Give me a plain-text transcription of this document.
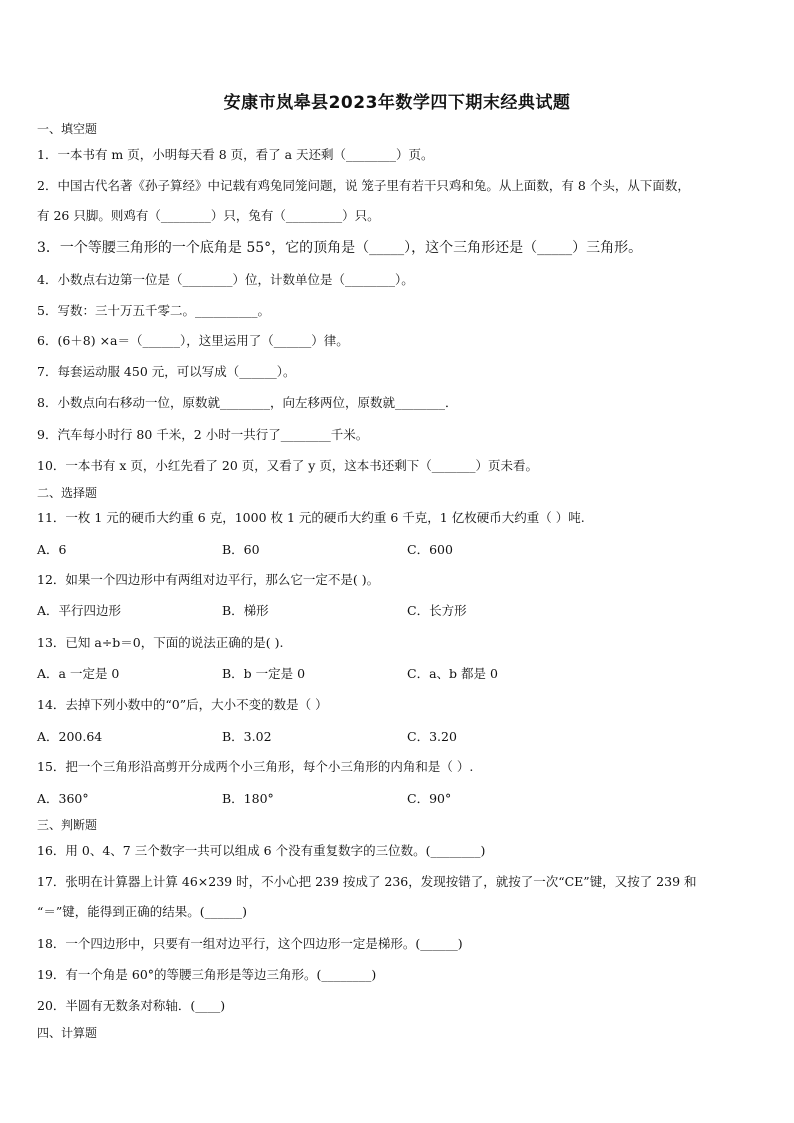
安康市岚皋县2023年数学四下期末经典试题
一、填空题
1．一本书有 m 页，小明每天看 8 页，看了 a 天还剩（________）页。
2．中国古代名著《孙子算经》中记载有鸡兔同笼问题，说 笼子里有若干只鸡和兔。从上面数，有 8 个头，从下面数，
有 26 只脚。则鸡有（________）只，兔有（_________）只。
3．一个等腰三角形的一个底角是 55°，它的顶角是（_____），这个三角形还是（_____）三角形。
4．小数点右边第一位是（________）位，计数单位是（________）。
5．写数：三十万五千零二。__________。
6．(6＋8) ×a＝（______），这里运用了（______）律。
7．每套运动服 450 元，可以写成（______）。
8．小数点向右移动一位，原数就________，向左移两位，原数就________．
9．汽车每小时行 80 千米，2 小时一共行了________千米。
10．一本书有 x 页，小红先看了 20 页，又看了 y 页，这本书还剩下（_______）页未看。
二、选择题
11．一枚 1 元的硬币大约重 6 克，1000 枚 1 元的硬币大约重 6 千克，1 亿枚硬币大约重（ ）吨.
A．6	B．60	C．600
12．如果一个四边形中有两组对边平行，那么它一定不是( )。
A．平行四边形	B．梯形	C．长方形
13．已知 a÷b＝0，下面的说法正确的是( ).
A．a 一定是 0	B．b 一定是 0	C．a、b 都是 0
14．去掉下列小数中的“0”后，大小不变的数是（ ）
A．200.64	B．3.02	C．3.20
15．把一个三角形沿高剪开分成两个小三角形，每个小三角形的内角和是（ ）.
A．360°	B．180°	C．90°
三、判断题
16．用 0、4、7 三个数字一共可以组成 6 个没有重复数字的三位数。(________)
17．张明在计算器上计算 46×239 时，不小心把 239 按成了 236，发现按错了，就按了一次“CE”键，又按了 239 和
“＝”键，能得到正确的结果。(______)
18．一个四边形中，只要有一组对边平行，这个四边形一定是梯形。(______)
19．有一个角是 60°的等腰三角形是等边三角形。(________)
20．半圆有无数条对称轴．(____)
四、计算题
